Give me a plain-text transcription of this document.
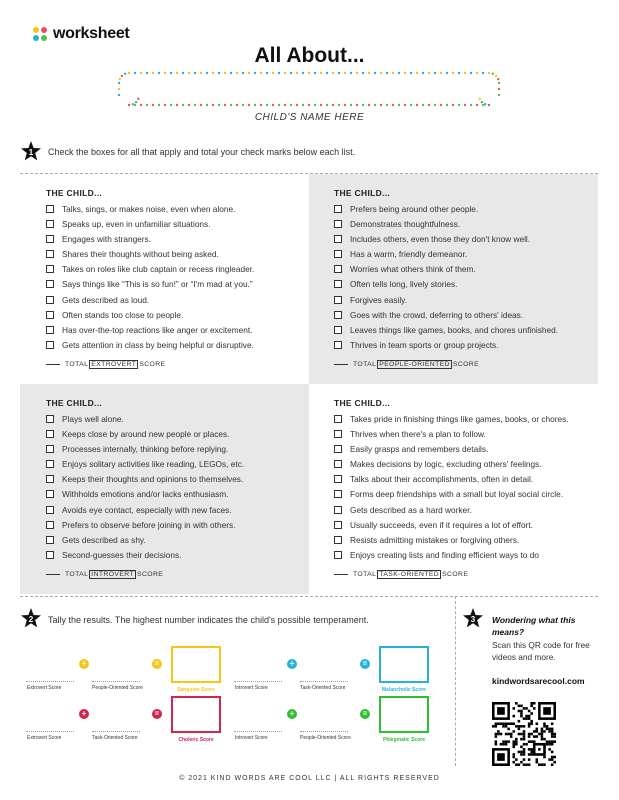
worksheet
All About...
CHILD'S NAME HERE
1 Check the boxes for all that apply and total your check marks below each list.
THE CHILD...
Talks, sings, or makes noise, even when alone.
Speaks up, even in unfamiliar situations.
Engages with strangers.
Shares their thoughts without being asked.
Takes on roles like club captain or recess ringleader.
Says things like “This is so fun!” or “I'm mad at you.”
Gets described as loud.
Often stands too close to people.
Has over-the-top reactions like anger or excitement.
Gets attention in class by being helpful or disruptive.
TOTAL EXTROVERT SCORE
THE CHILD...
Prefers being around other people.
Demonstrates thoughtfulness.
Includes others, even those they don't know well.
Has a warm, friendly demeanor.
Worries what others think of them.
Often tells long, lively stories.
Forgives easily.
Goes with the crowd, deferring to others' ideas.
Leaves things like games, books, and chores unfinished.
Thrives in team sports or group projects.
TOTAL PEOPLE-ORIENTED SCORE
THE CHILD...
Plays well alone.
Keeps close by around new people or places.
Processes internally, thinking before replying.
Enjoys solitary activities like reading, LEGOs, etc.
Keeps their thoughts and opinions to themselves.
Withholds emotions and/or lacks enthusiasm.
Avoids eye contact, especially with new faces.
Prefers to observe before joining in with others.
Gets described as shy.
Second-guesses their decisions.
TOTAL INTROVERT SCORE
THE CHILD...
Takes pride in finishing things like games, books, or chores.
Thrives when there's a plan to follow.
Easily grasps and remembers details.
Makes decisions by logic, excluding others' feelings.
Talks about their accomplishments, often in detail.
Forms deep friendships with a small but loyal social circle.
Gets described as a hard worker.
Usually succeeds, even if it requires a lot of effort.
Resists admitting mistakes or forgiving others.
Enjoys creating lists and finding efficient ways to do
TOTAL TASK-ORIENTED SCORE
2 Tally the results. The highest number indicates the child's possible temperament.
Extrovert Score
+
People-Oriented Score
=
Sanguine Score	Introvert Score
+
Task-Oriented Score
=
Melancholic Score
Extrovert Score
+
Task-Oriented Score
=
Choleric Score	Introvert Score
+
People-Oriented Score
=
Phlegmatic Score
3 Wondering what this means?
Scan this QR code for free videos and more.
kindwordsarecool.com
© 2021 KIND WORDS ARE COOL LLC | ALL RIGHTS RESERVED
